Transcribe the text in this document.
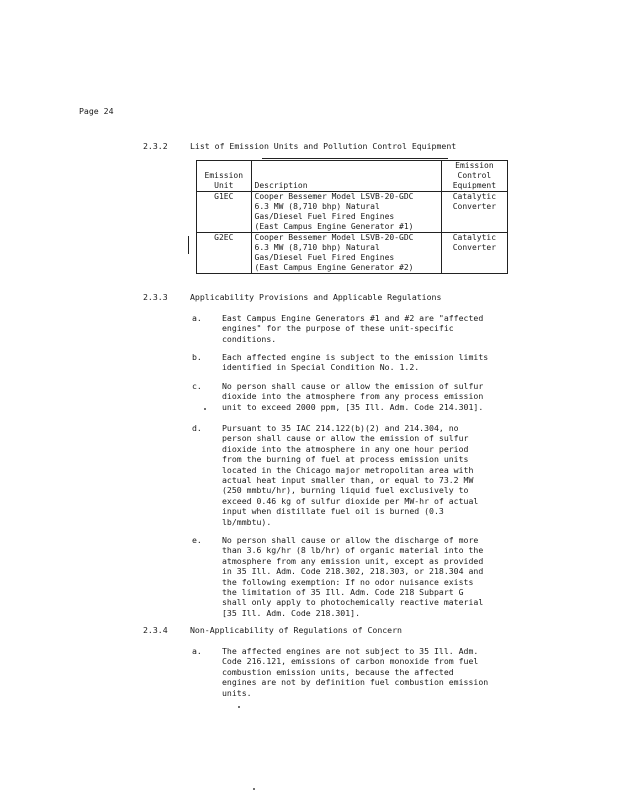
Page 24
2.3.2	List of Emission Units and Pollution Control Equipment
Emission
Unit	Description	Emission
Control
Equipment
G1EC	Cooper Bessemer Model LSVB-20-GDC
6.3 MW (8,710 bhp) Natural
Gas/Diesel Fuel Fired Engines
(East Campus Engine Generator #1)	Catalytic
Converter
G2EC	Cooper Bessemer Model LSVB-20-GDC
6.3 MW (8,710 bhp) Natural
Gas/Diesel Fuel Fired Engines
(East Campus Engine Generator #2)	Catalytic
Converter
2.3.3	Applicability Provisions and Applicable Regulations
a. East Campus Engine Generators #1 and #2 are "affected
engines" for the purpose of these unit-specific
conditions.
b. Each affected engine is subject to the emission limits
identified in Special Condition No. 1.2.
c. No person shall cause or allow the emission of sulfur
dioxide into the atmosphere from any process emission
unit to exceed 2000 ppm, [35 Ill. Adm. Code 214.301].
d. Pursuant to 35 IAC 214.122(b)(2) and 214.304, no
person shall cause or allow the emission of sulfur
dioxide into the atmosphere in any one hour period
from the burning of fuel at process emission units
located in the Chicago major metropolitan area with
actual heat input smaller than, or equal to 73.2 MW
(250 mmbtu/hr), burning liquid fuel exclusively to
exceed 0.46 kg of sulfur dioxide per MW-hr of actual
input when distillate fuel oil is burned (0.3
lb/mmbtu).
e. No person shall cause or allow the discharge of more
than 3.6 kg/hr (8 lb/hr) of organic material into the
atmosphere from any emission unit, except as provided
in 35 Ill. Adm. Code 218.302, 218.303, or 218.304 and
the following exemption: If no odor nuisance exists
the limitation of 35 Ill. Adm. Code 218 Subpart G
shall only apply to photochemically reactive material
[35 Ill. Adm. Code 218.301].
2.3.4	Non-Applicability of Regulations of Concern
a. The affected engines are not subject to 35 Ill. Adm.
Code 216.121, emissions of carbon monoxide from fuel
combustion emission units, because the affected
engines are not by definition fuel combustion emission
units.
